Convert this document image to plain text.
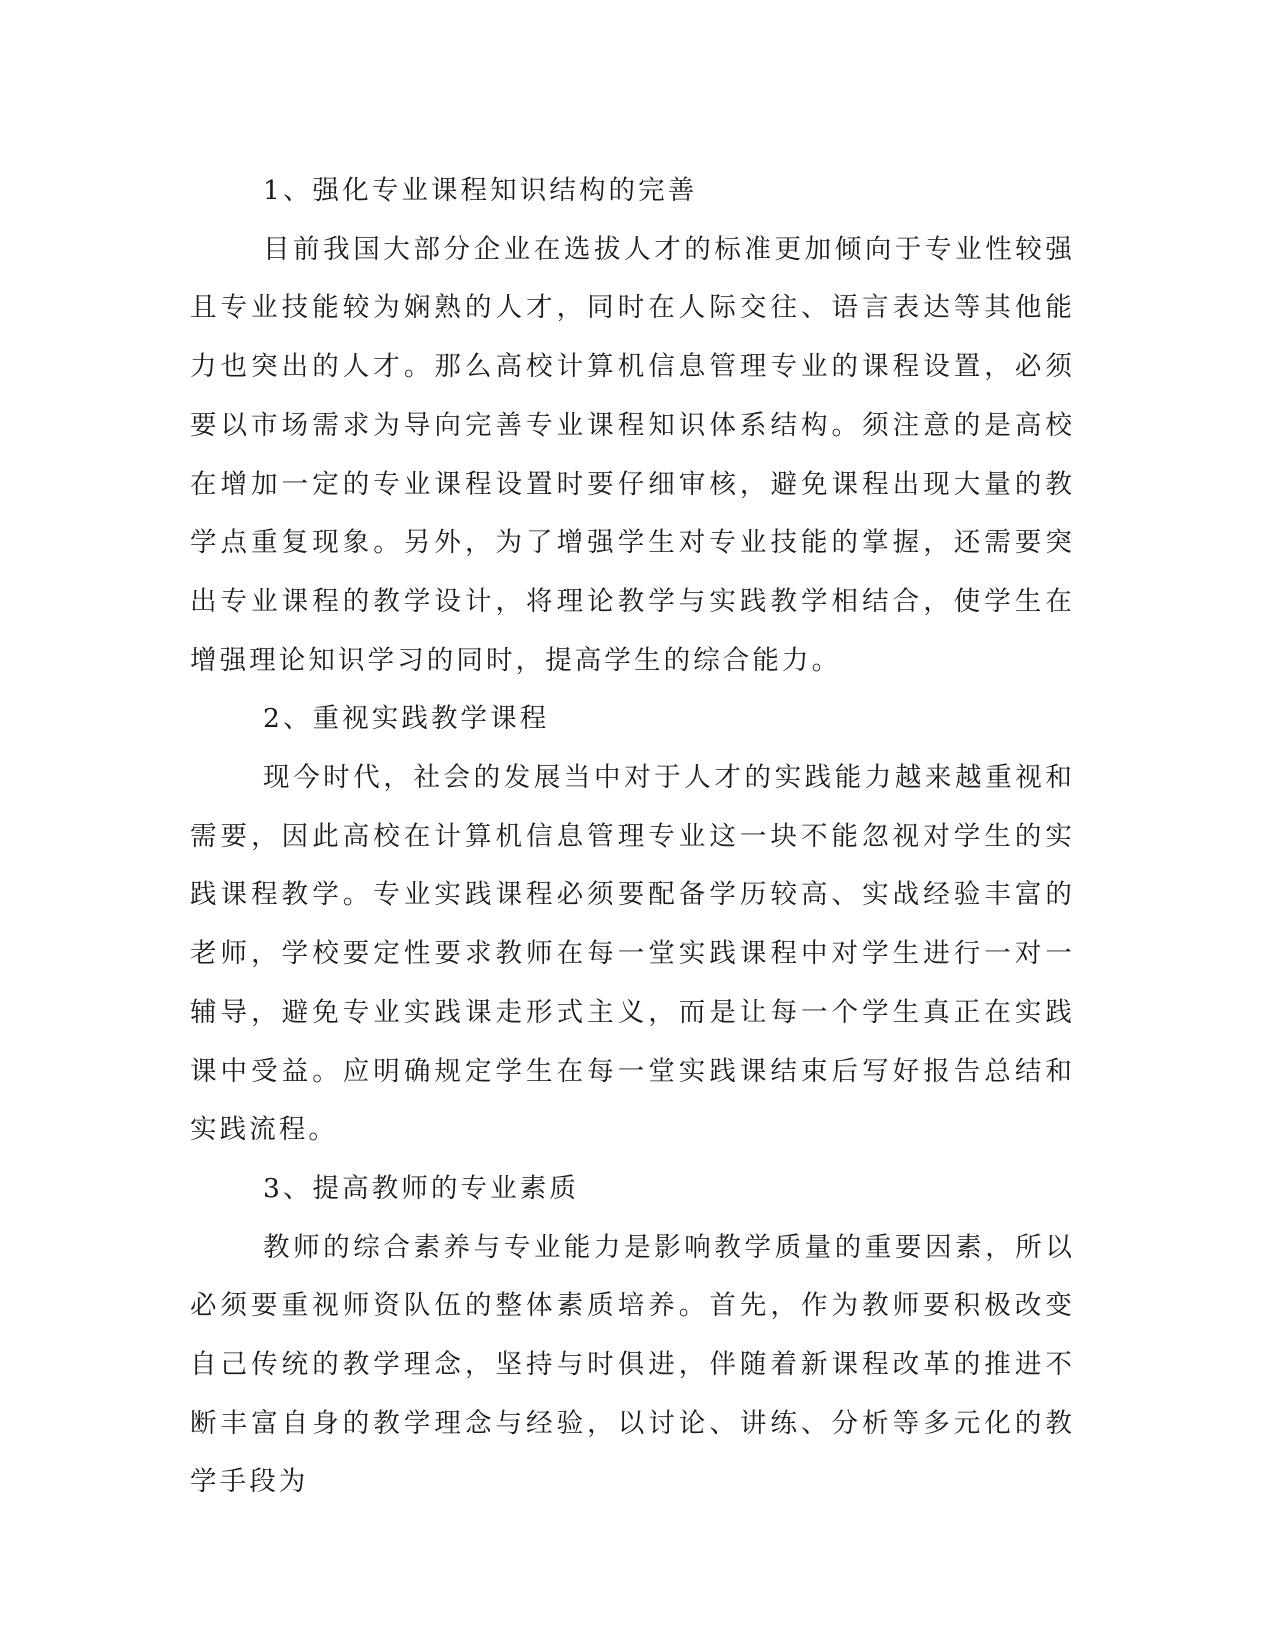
1、强化专业课程知识结构的完善

目前我国大部分企业在选拔人才的标准更加倾向于专业性较强且专业技能较为娴熟的人才，同时在人际交往、语言表达等其他能力也突出的人才。那么高校计算机信息管理专业的课程设置，必须要以市场需求为导向完善专业课程知识体系结构。须注意的是高校在增加一定的专业课程设置时要仔细审核，避免课程出现大量的教学点重复现象。另外，为了增强学生对专业技能的掌握，还需要突出专业课程的教学设计，将理论教学与实践教学相结合，使学生在增强理论知识学习的同时，提高学生的综合能力。

2、重视实践教学课程

现今时代，社会的发展当中对于人才的实践能力越来越重视和需要，因此高校在计算机信息管理专业这一块不能忽视对学生的实践课程教学。专业实践课程必须要配备学历较高、实战经验丰富的老师，学校要定性要求教师在每一堂实践课程中对学生进行一对一辅导，避免专业实践课走形式主义，而是让每一个学生真正在实践课中受益。应明确规定学生在每一堂实践课结束后写好报告总结和实践流程。

3、提高教师的专业素质

教师的综合素养与专业能力是影响教学质量的重要因素，所以必须要重视师资队伍的整体素质培养。首先，作为教师要积极改变自己传统的教学理念，坚持与时俱进，伴随着新课程改革的推进不断丰富自身的教学理念与经验，以讨论、讲练、分析等多元化的教学手段为
